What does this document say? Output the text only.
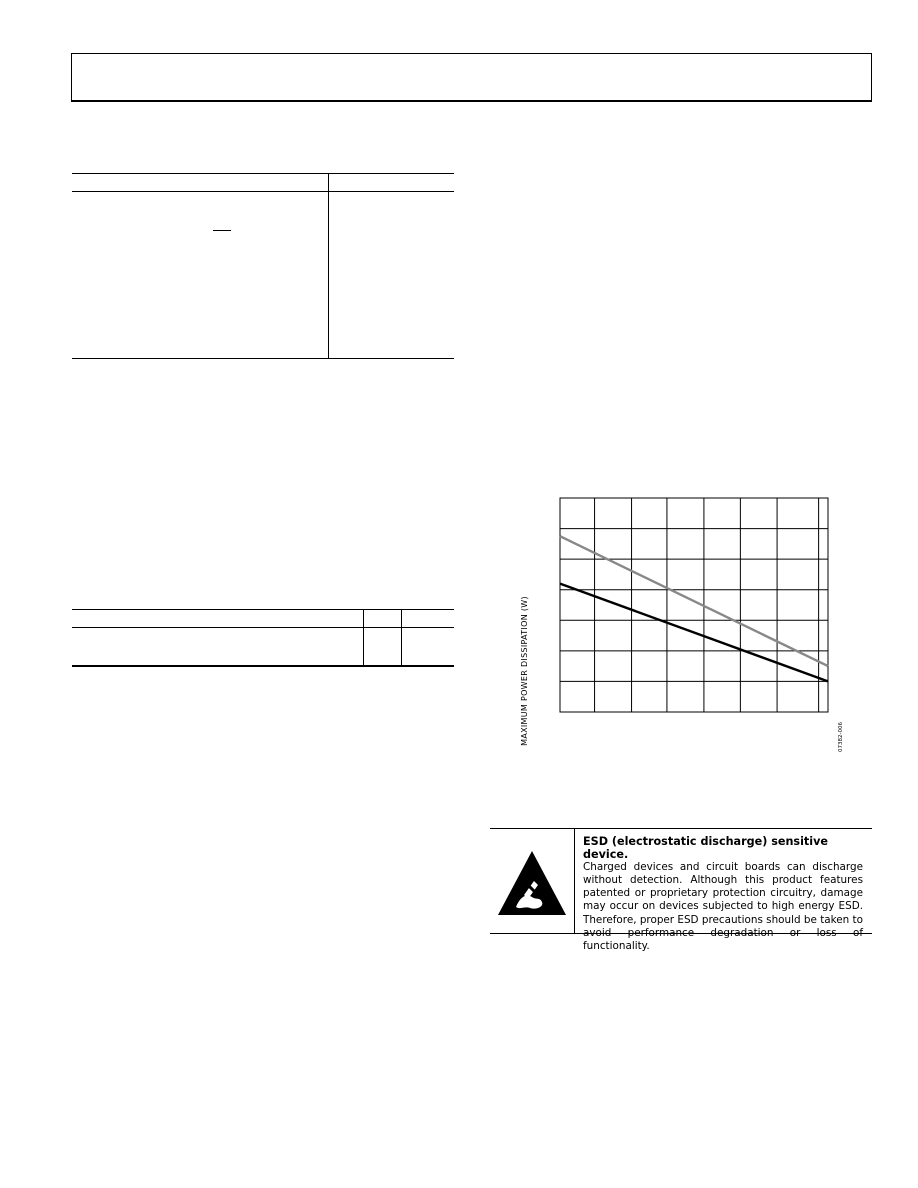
MAXIMUM POWER DISSIPATION (W)	07382-006
ESD (electrostatic discharge) sensitive device.
Charged devices and circuit boards can discharge without detection. Although this product features patented or proprietary protection circuitry, damage may occur on devices subjected to high energy ESD. Therefore, proper ESD precautions should be taken to avoid performance degradation or loss of functionality.
